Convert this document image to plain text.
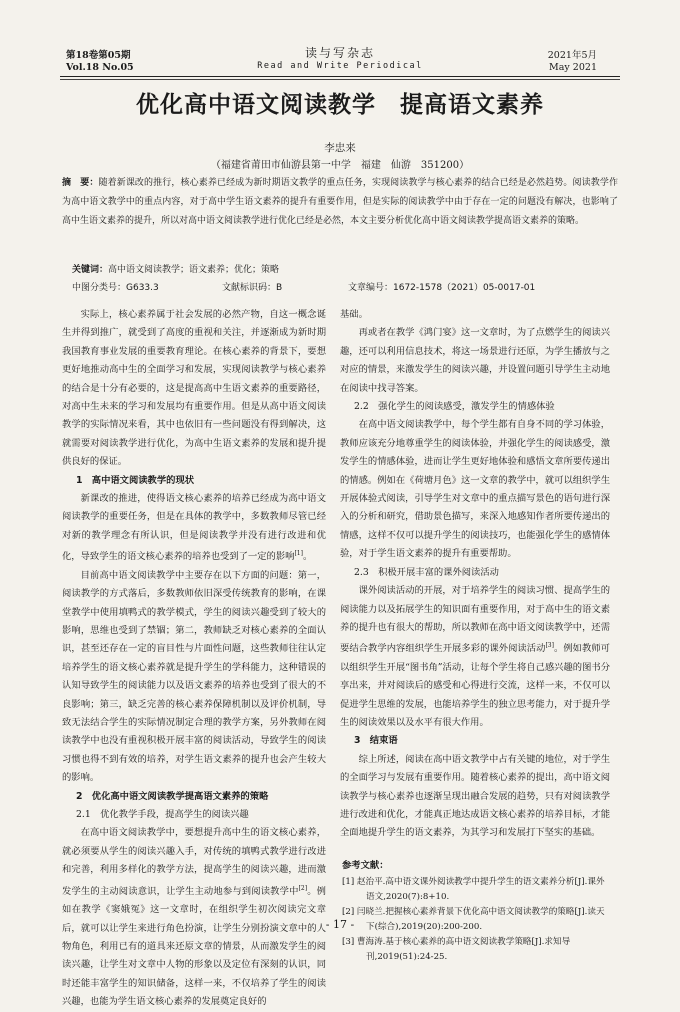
第18卷第05期
Vol.18 No.05
读与写杂志
Read and Write Periodical
2021年5月
May 2021
优化高中语文阅读教学　提高语文素养
李忠来
（福建省莆田市仙游县第一中学　福建　仙游　351200）
摘　要：随着新课改的推行，核心素养已经成为新时期语文教学的重点任务，实现阅读教学与核心素养的结合已经是必然趋势。阅读教学作为高中语文教学中的重点内容，对于高中学生语文素养的提升有重要作用，但是实际的阅读教学中由于存在一定的问题没有解决，也影响了高中生语文素养的提升，所以对高中语文阅读教学进行优化已经是必然，本文主要分析优化高中语文阅读教学提高语文素养的策略。
关键词：高中语文阅读教学；语文素养；优化；策略
中图分类号：G633.3	文献标识码：B	文章编号：1672-1578（2021）05-0017-01

实际上，核心素养属于社会发展的必然产物，自这一概念诞生并得到推广，就受到了高度的重视和关注，并逐渐成为新时期我国教育事业发展的重要教育理论。在核心素养的背景下，要想更好地推动高中生的全面学习和发展，实现阅读教学与核心素养的结合是十分有必要的，这是提高高中生语文素养的重要路径，对高中生未来的学习和发展均有重要作用。但是从高中语文阅读教学的实际情况来看，其中也依旧有一些问题没有得到解决，这就需要对阅读教学进行优化，为高中生语文素养的发展和提升提供良好的保证。

1　高中语文阅读教学的现状

新课改的推进，使得语文核心素养的培养已经成为高中语文阅读教学的重要任务，但是在具体的教学中，多数教师尽管已经对新的教学理念有所认识，但是阅读教学并没有进行改进和优化，导致学生的语文核心素养的培养也受到了一定的影响[1]。

目前高中语文阅读教学中主要存在以下方面的问题：第一，阅读教学的方式落后，多数教师依旧深受传统教育的影响，在课堂教学中使用填鸭式的教学模式，学生的阅读兴趣受到了较大的影响，思维也受到了禁锢；第二，教师缺乏对核心素养的全面认识，甚至还存在一定的盲目性与片面性问题，这些教师往往认定培养学生的语文核心素养就是提升学生的学科能力，这种错误的认知导致学生的阅读能力以及语文素养的培养也受到了很大的不良影响；第三，缺乏完善的核心素养保障机制以及评价机制，导致无法结合学生的实际情况制定合理的教学方案，另外教师在阅读教学中也没有重视积极开展丰富的阅读活动，导致学生的阅读习惯也得不到有效的培养，对学生语文素养的提升也会产生较大的影响。

2　优化高中语文阅读教学提高语文素养的策略
2.1　优化教学手段，提高学生的阅读兴趣

在高中语文阅读教学中，要想提升高中生的语文核心素养，就必须要从学生的阅读兴趣入手，对传统的填鸭式教学进行改进和完善，利用多样化的教学方法，提高学生的阅读兴趣，进而激发学生的主动阅读意识，让学生主动地参与到阅读教学中[2]。例如在教学《窦娥冤》这一文章时，在组织学生初次阅读完文章后，就可以让学生来进行角色扮演，让学生分别扮演文章中的人物角色，利用已有的道具来还原文章的情景，从而激发学生的阅读兴趣，让学生对文章中人物的形象以及定位有深刻的认识，同时还能丰富学生的知识储备，这样一来，不仅培养了学生的阅读兴趣，也能为学生语文核心素养的发展奠定良好的

基础。

再或者在教学《鸿门宴》这一文章时，为了点燃学生的阅读兴趣，还可以利用信息技术，将这一场景进行还原，为学生播放与之对应的情景，来激发学生的阅读兴趣，并设置问题引导学生主动地在阅读中找寻答案。

2.2　强化学生的阅读感受，激发学生的情感体验

在高中语文阅读教学中，每个学生都有自身不同的学习体验，教师应该充分地尊重学生的阅读体验，并强化学生的阅读感受，激发学生的情感体验，进而让学生更好地体验和感悟文章所要传递出的情感。例如在《荷塘月色》这一文章的教学中，就可以组织学生开展体验式阅读，引导学生对文章中的重点描写景色的语句进行深入的分析和研究，借助景色描写，来深入地感知作者所要传递出的情感，这样不仅可以提升学生的阅读技巧，也能强化学生的感情体验，对于学生语文素养的提升有重要帮助。

2.3　积极开展丰富的课外阅读活动

课外阅读活动的开展，对于培养学生的阅读习惯、提高学生的阅读能力以及拓展学生的知识面有重要作用，对于高中生的语文素养的提升也有很大的帮助，所以教师在高中语文阅读教学中，还需要结合教学内容组织学生开展多彩的课外阅读活动[3]。例如教师可以组织学生开展“图书角”活动，让每个学生将自己感兴趣的图书分享出来，并对阅读后的感受和心得进行交流，这样一来，不仅可以促进学生思维的发展，也能培养学生的独立思考能力，对于提升学生的阅读效果以及水平有很大作用。

3　结束语

综上所述，阅读在高中语文教学中占有关键的地位，对于学生的全面学习与发展有重要作用。随着核心素养的提出，高中语文阅读教学与核心素养也逐渐呈现出融合发展的趋势，只有对阅读教学进行改进和优化，才能真正地达成语文核心素养的培养目标，才能全面地提升学生的语文素养，为其学习和发展打下坚实的基础。

参考文献：
[1] 赵治平.高中语文课外阅读教学中提升学生的语文素养分析[J].课外语文,2020(7):8+10.
[2] 闫晓兰.把握核心素养背景下优化高中语文阅读教学的策略[J].读天下(综合),2019(20):200-200.
[3] 曹海涛.基于核心素养的高中语文阅读教学策略[J].求知导刊,2019(51):24-25.
- 17 -
